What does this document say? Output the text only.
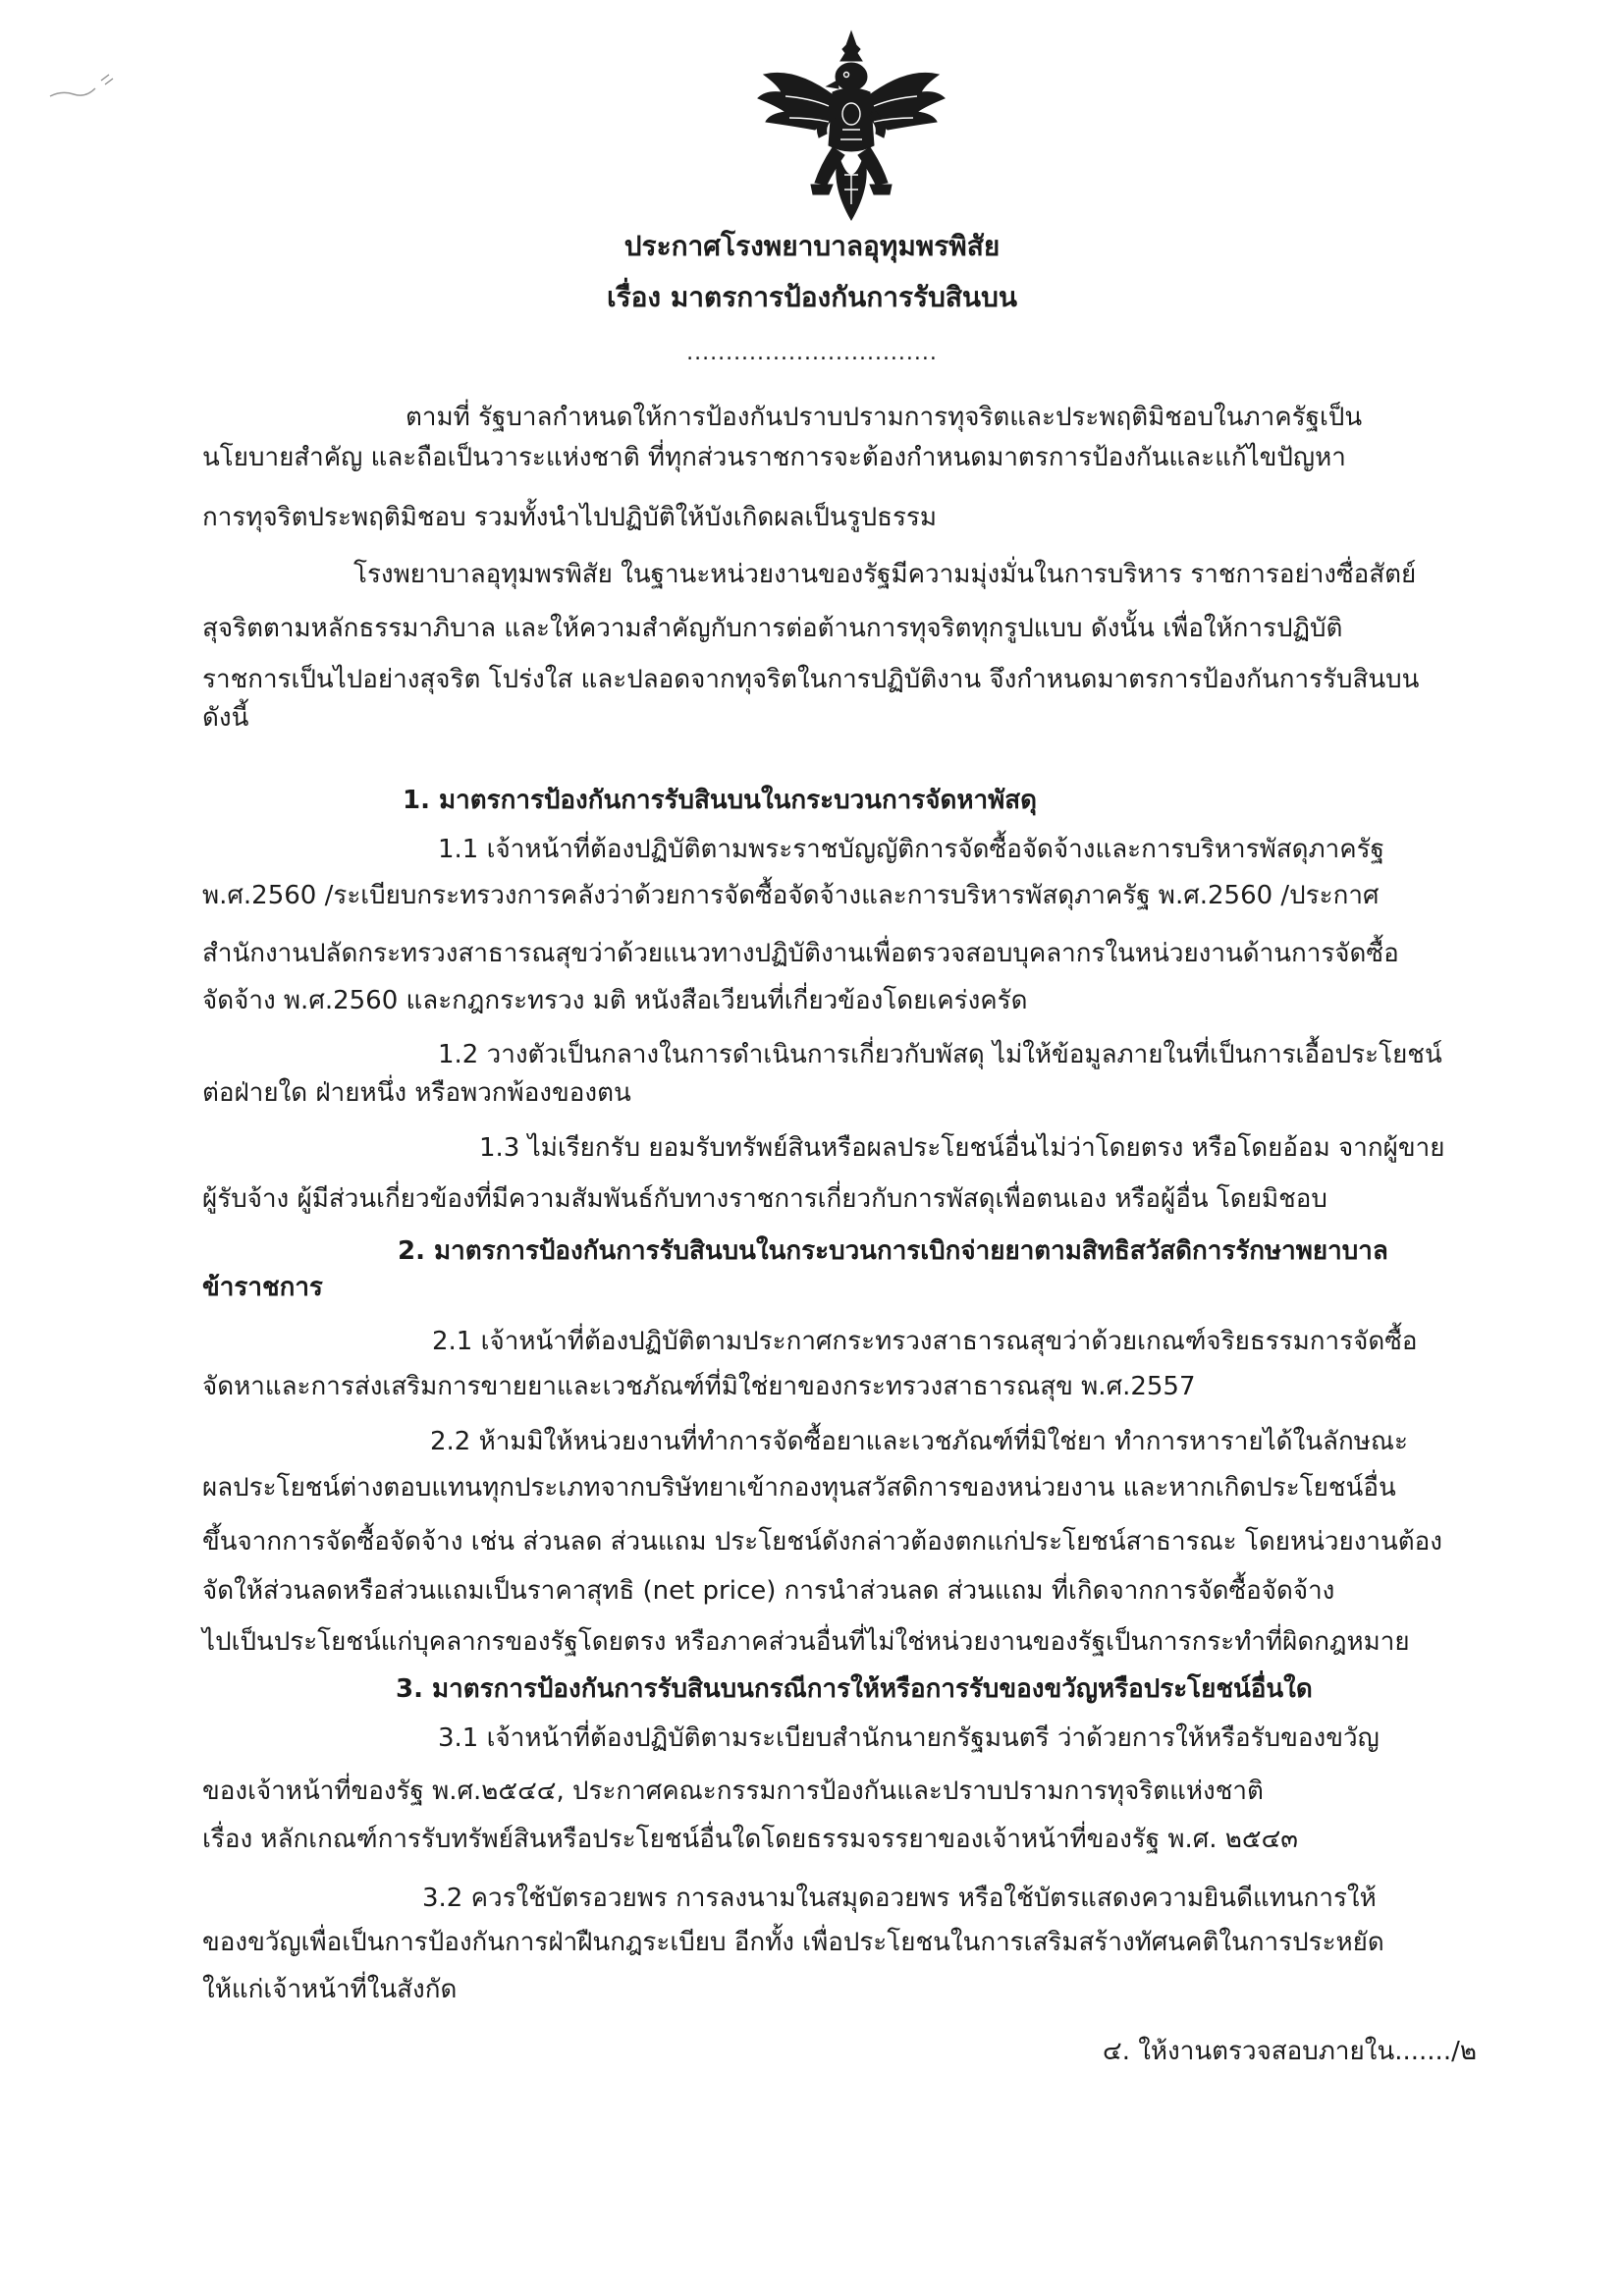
ประกาศโรงพยาบาลอุทุมพรพิสัย
เรื่อง มาตรการป้องกันการรับสินบน
................................

ตามที่ รัฐบาลกำหนดให้การป้องกันปราบปรามการทุจริตและประพฤติมิชอบในภาครัฐเป็น

นโยบายสำคัญ และถือเป็นวาระแห่งชาติ ที่ทุกส่วนราชการจะต้องกำหนดมาตรการป้องกันและแก้ไขปัญหา

การทุจริตประพฤติมิชอบ รวมทั้งนำไปปฏิบัติให้บังเกิดผลเป็นรูปธรรม

โรงพยาบาลอุทุมพรพิสัย ในฐานะหน่วยงานของรัฐมีความมุ่งมั่นในการบริหาร ราชการอย่างซื่อสัตย์

สุจริตตามหลักธรรมาภิบาล และให้ความสำคัญกับการต่อต้านการทุจริตทุกรูปแบบ ดังนั้น เพื่อให้การปฏิบัติ

ราชการเป็นไปอย่างสุจริต โปร่งใส และปลอดจากทุจริตในการปฏิบัติงาน จึงกำหนดมาตรการป้องกันการรับสินบน

ดังนี้

1. มาตรการป้องกันการรับสินบนในกระบวนการจัดหาพัสดุ

1.1 เจ้าหน้าที่ต้องปฏิบัติตามพระราชบัญญัติการจัดซื้อจัดจ้างและการบริหารพัสดุภาครัฐ

พ.ศ.2560 /ระเบียบกระทรวงการคลังว่าด้วยการจัดซื้อจัดจ้างและการบริหารพัสดุภาครัฐ พ.ศ.2560 /ประกาศ

สำนักงานปลัดกระทรวงสาธารณสุขว่าด้วยแนวทางปฏิบัติงานเพื่อตรวจสอบบุคลากรในหน่วยงานด้านการจัดซื้อ

จัดจ้าง พ.ศ.2560 และกฎกระทรวง มติ หนังสือเวียนที่เกี่ยวข้องโดยเคร่งครัด

1.2 วางตัวเป็นกลางในการดำเนินการเกี่ยวกับพัสดุ ไม่ให้ข้อมูลภายในที่เป็นการเอื้อประโยชน์

ต่อฝ่ายใด ฝ่ายหนึ่ง หรือพวกพ้องของตน

1.3 ไม่เรียกรับ ยอมรับทรัพย์สินหรือผลประโยชน์อื่นไม่ว่าโดยตรง หรือโดยอ้อม จากผู้ขาย

ผู้รับจ้าง ผู้มีส่วนเกี่ยวข้องที่มีความสัมพันธ์กับทางราชการเกี่ยวกับการพัสดุเพื่อตนเอง หรือผู้อื่น โดยมิชอบ

2. มาตรการป้องกันการรับสินบนในกระบวนการเบิกจ่ายยาตามสิทธิสวัสดิการรักษาพยาบาล

ข้าราชการ

2.1 เจ้าหน้าที่ต้องปฏิบัติตามประกาศกระทรวงสาธารณสุขว่าด้วยเกณฑ์จริยธรรมการจัดซื้อ

จัดหาและการส่งเสริมการขายยาและเวชภัณฑ์ที่มิใช่ยาของกระทรวงสาธารณสุข พ.ศ.2557

2.2 ห้ามมิให้หน่วยงานที่ทำการจัดซื้อยาและเวชภัณฑ์ที่มิใช่ยา ทำการหารายได้ในลักษณะ

ผลประโยชน์ต่างตอบแทนทุกประเภทจากบริษัทยาเข้ากองทุนสวัสดิการของหน่วยงาน และหากเกิดประโยชน์อื่น

ขึ้นจากการจัดซื้อจัดจ้าง เช่น ส่วนลด ส่วนแถม ประโยชน์ดังกล่าวต้องตกแก่ประโยชน์สาธารณะ โดยหน่วยงานต้อง

จัดให้ส่วนลดหรือส่วนแถมเป็นราคาสุทธิ (net price) การนำส่วนลด ส่วนแถม ที่เกิดจากการจัดซื้อจัดจ้าง

ไปเป็นประโยชน์แก่บุคลากรของรัฐโดยตรง หรือภาคส่วนอื่นที่ไม่ใช่หน่วยงานของรัฐเป็นการกระทำที่ผิดกฎหมาย

3. มาตรการป้องกันการรับสินบนกรณีการให้หรือการรับของขวัญหรือประโยชน์อื่นใด

3.1 เจ้าหน้าที่ต้องปฏิบัติตามระเบียบสำนักนายกรัฐมนตรี ว่าด้วยการให้หรือรับของขวัญ

ของเจ้าหน้าที่ของรัฐ พ.ศ.๒๕๔๔, ประกาศคณะกรรมการป้องกันและปราบปรามการทุจริตแห่งชาติ

เรื่อง หลักเกณฑ์การรับทรัพย์สินหรือประโยชน์อื่นใดโดยธรรมจรรยาของเจ้าหน้าที่ของรัฐ พ.ศ. ๒๕๔๓

3.2 ควรใช้บัตรอวยพร การลงนามในสมุดอวยพร หรือใช้บัตรแสดงความยินดีแทนการให้

ของขวัญเพื่อเป็นการป้องกันการฝ่าฝืนกฎระเบียบ อีกทั้ง เพื่อประโยชนในการเสริมสร้างทัศนคติในการประหยัด

ให้แก่เจ้าหน้าที่ในสังกัด

๔. ให้งานตรวจสอบภายใน......./๒
